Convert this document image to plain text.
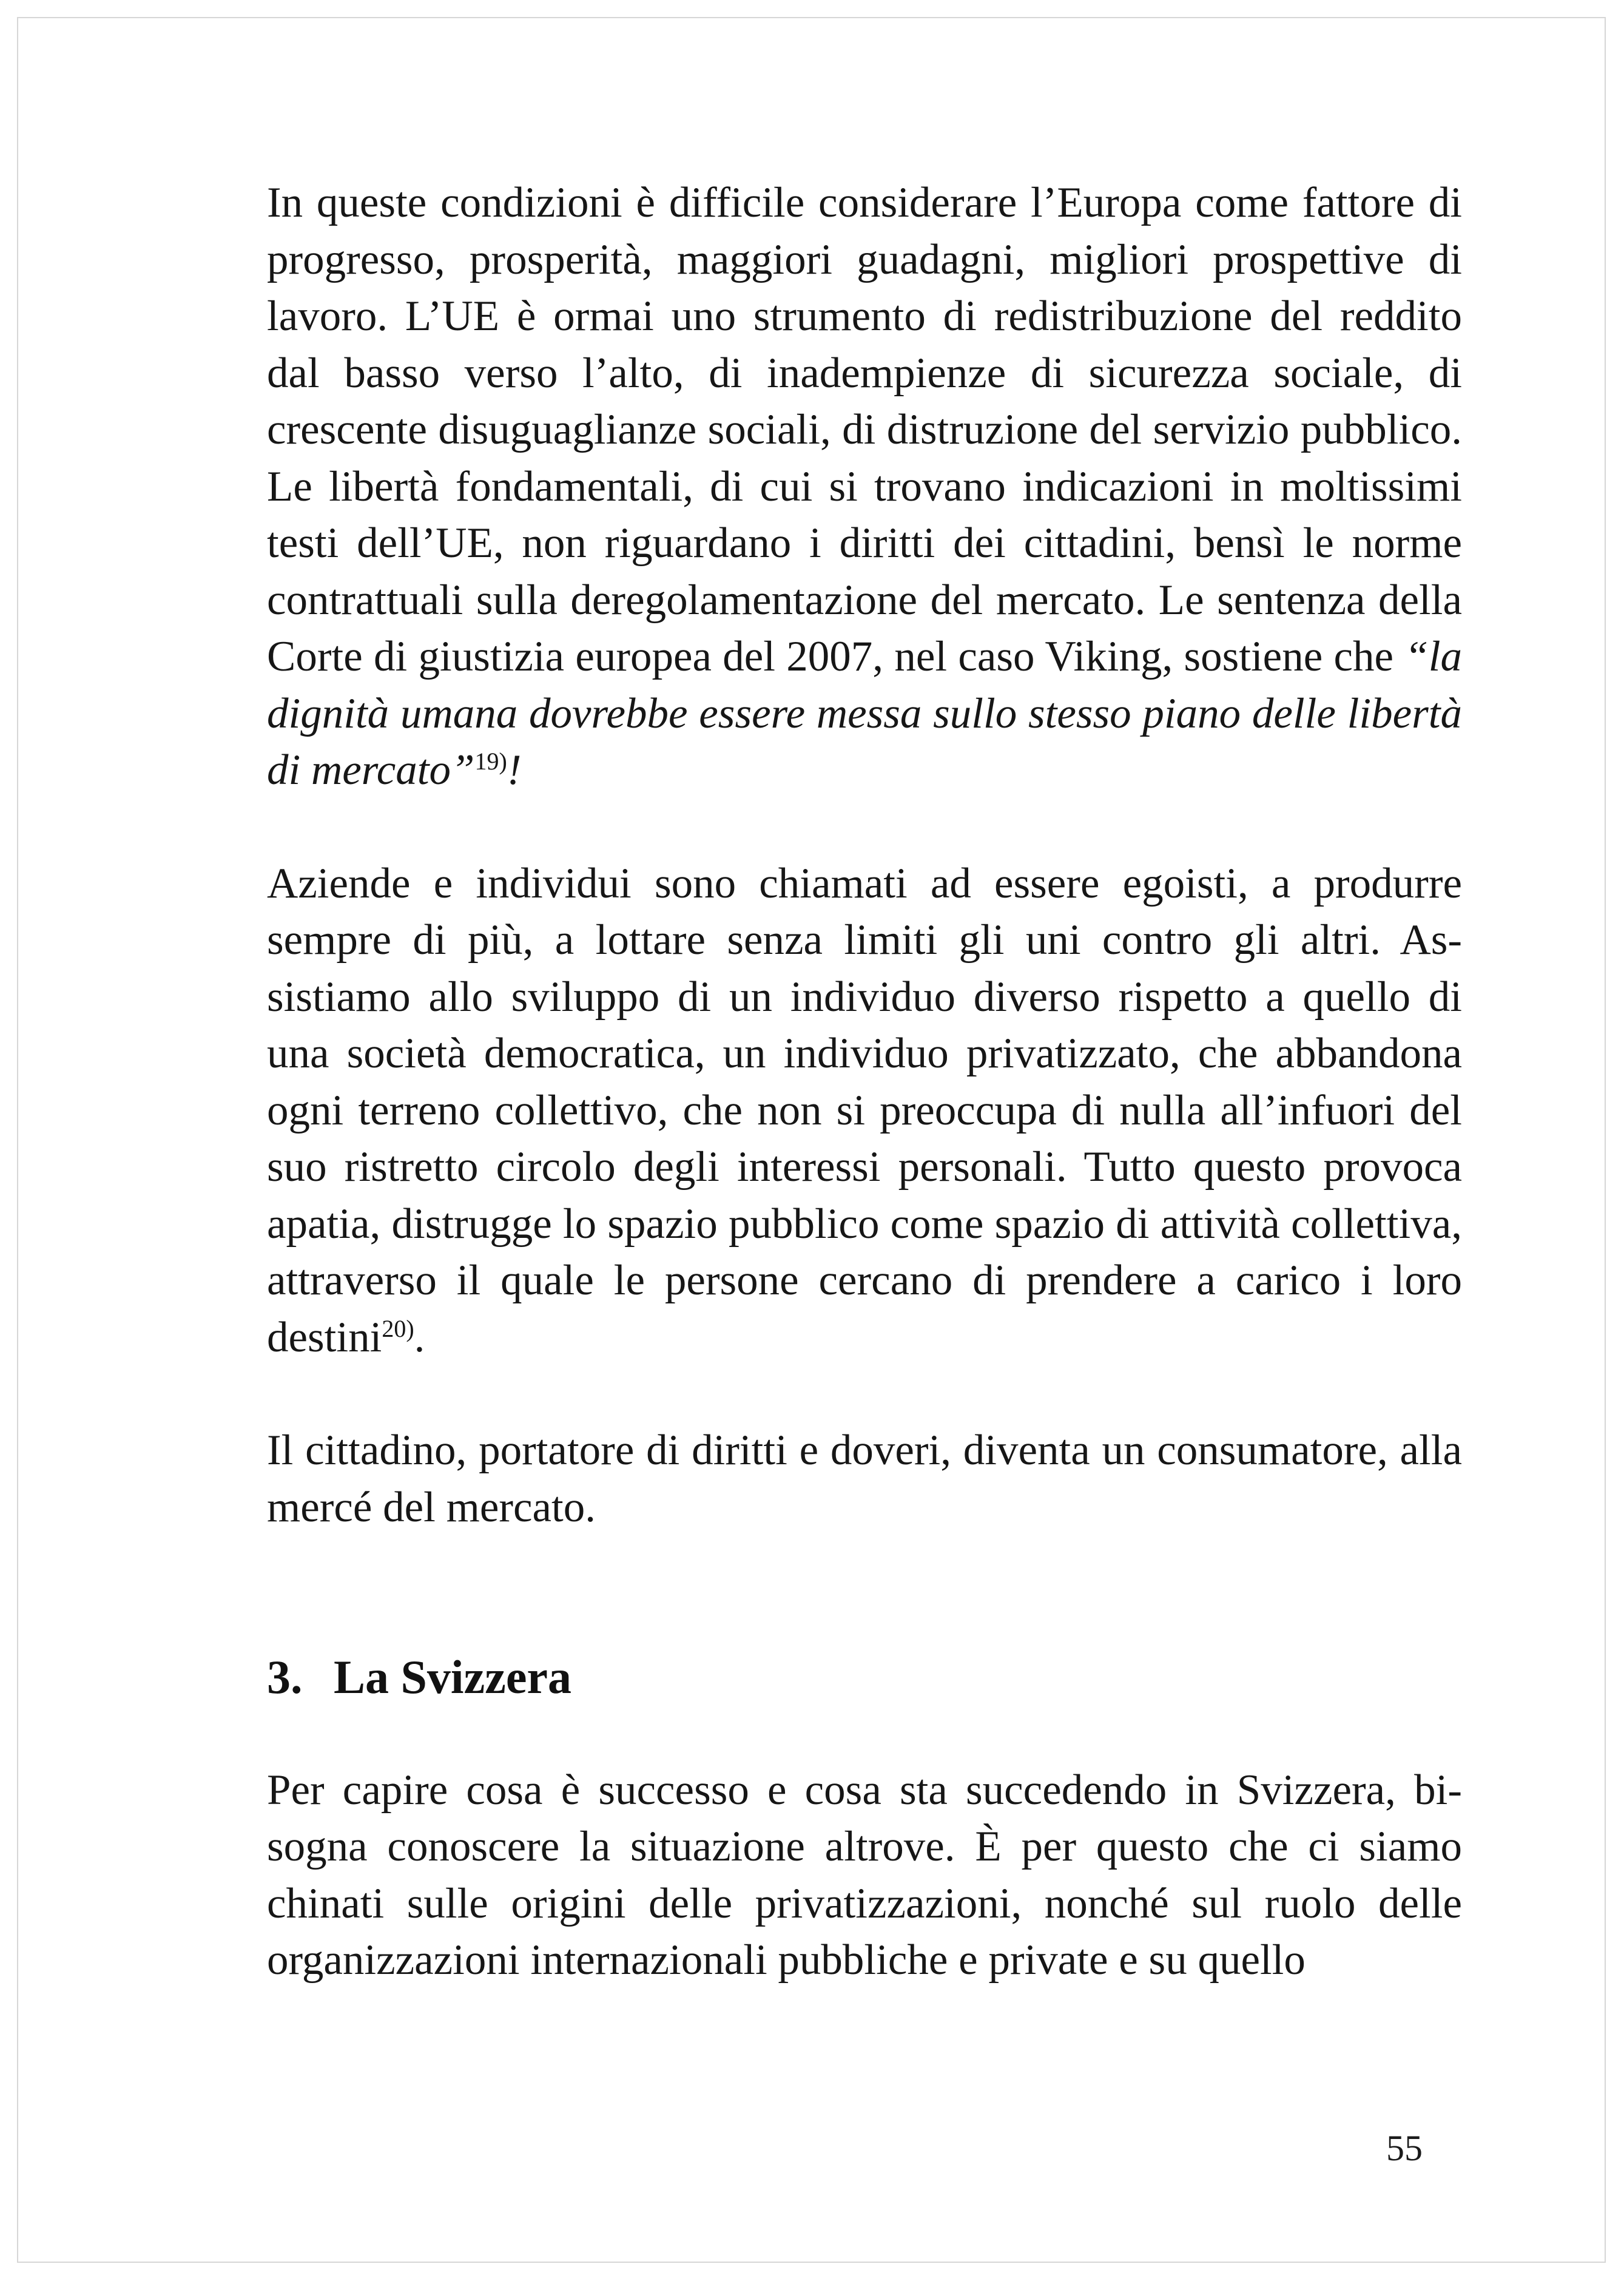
In queste condizioni è difficile considerare l’Europa come fattore di progresso, prosperità, maggiori guadagni, migliori prospettive di lavoro. L’UE è ormai uno strumento di redistribuzione del reddito dal basso verso l’alto, di inadempienze di sicurezza sociale, di crescente disuguaglianze sociali, di distruzione del servizio pubblico. Le libertà fondamentali, di cui si trovano indicazioni in moltissimi testi dell’UE, non riguardano i diritti dei cittadini, bensì le norme contrattuali sulla deregolamentazione del mercato. Le sentenza della Corte di giustizia europea del 2007, nel caso Viking, sostiene che “la dignità umana dovrebbe essere messa sullo stesso piano delle libertà di mercato”$^{19)}$!

Aziende e individui sono chiamati ad essere egoisti, a produrre sempre di più, a lottare senza limiti gli uni contro gli altri. Assistiamo allo sviluppo di un individuo diverso rispetto a quello di una società democratica, un individuo privatizzato, che abbandona ogni terreno collettivo, che non si preoccupa di nulla all’infuori del suo ristretto circolo degli interessi personali. Tutto questo provoca apatia, distrugge lo spazio pubblico come spazio di attività collettiva, attraverso il quale le persone cercano di prendere a carico i loro destini$^{20)}$.

Il cittadino, portatore di diritti e doveri, diventa un consumatore, alla mercé del mercato.

3. La Svizzera

Per capire cosa è successo e cosa sta succedendo in Svizzera, bisogna conoscere la situazione altrove. È per questo che ci siamo chinati sulle origini delle privatizzazioni, nonché sul ruolo delle organizzazioni internazionali pubbliche e private e su quello

55
